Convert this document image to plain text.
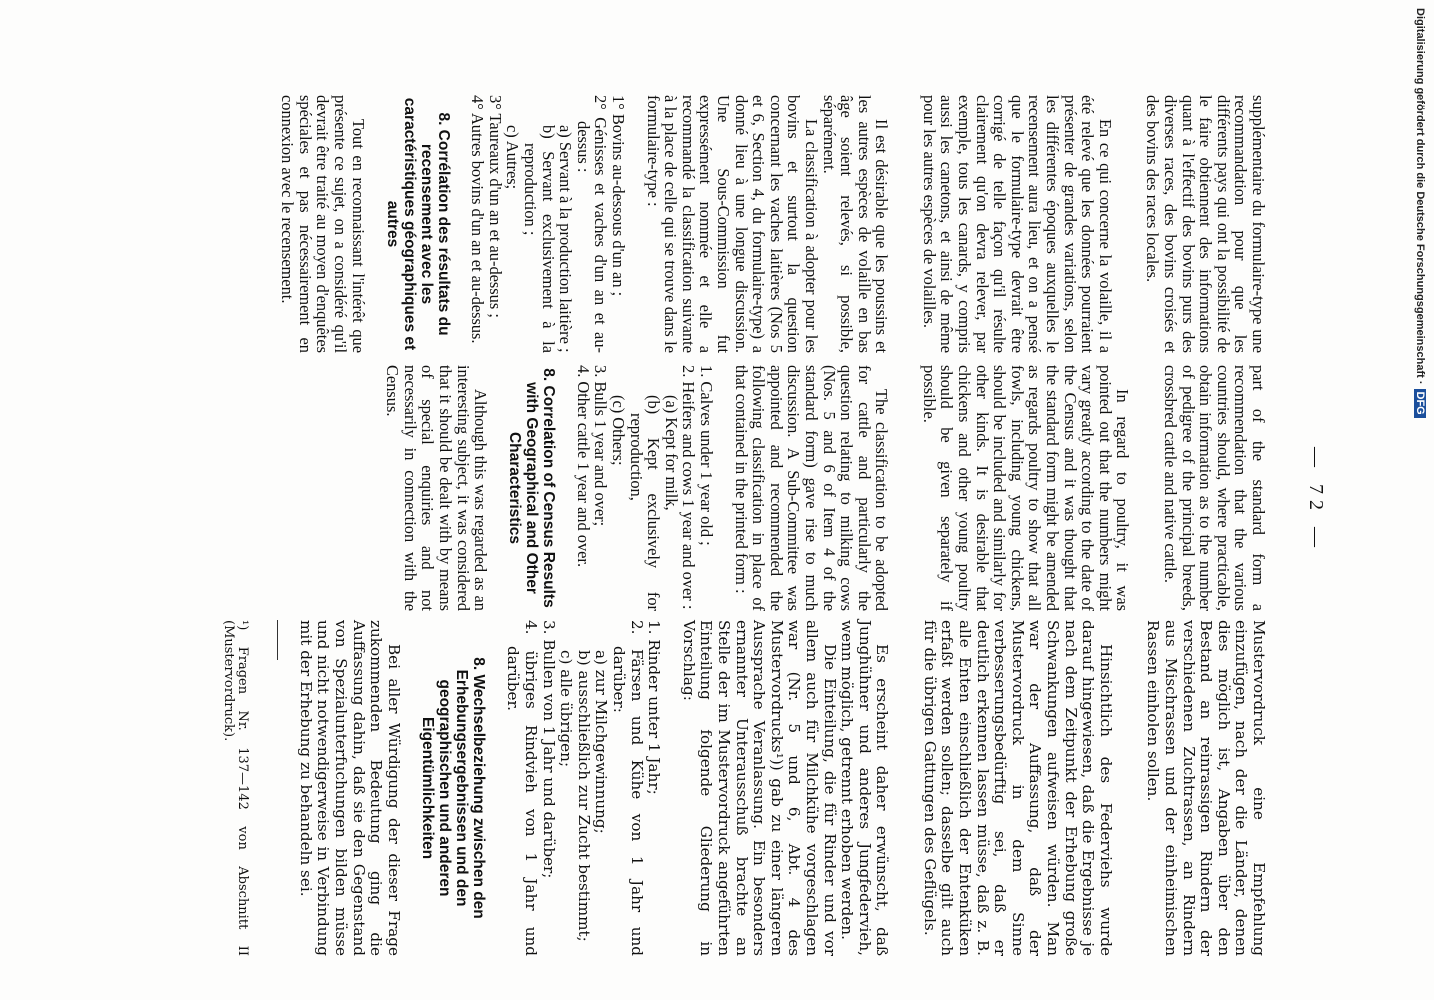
— 72 —

Mustervordruck eine Empfehlung einzufügen, nach der die Länder, denen dies möglich ist, Angaben über den Bestand an reinrassigen Rindern der verschiedenen Zuchtrassen, an Rindern aus Mischrassen und der einheimischen Rassen einholen sollen.

Hinsichtlich des Federviehs wurde darauf hingewiesen, daß die Ergebnisse je nach dem Zeitpunkt der Erhebung große Schwankungen aufweisen würden. Man war der Auffassung, daß der Mustervordruck in dem Sinne verbesserungsbedürftig sei, daß er deutlich erkennen lassen müsse, daß z. B. alle Enten einschließlich der Entenküken erfaßt werden sollen; dasselbe gilt auch für die übrigen Gattungen des Geflügels.

Es erscheint daher erwünscht, daß Junghühner und anderes Jungfedervieh, wenn möglich, getrennt erhoben werden.

Die Einteilung, die für Rinder und vor allem auch für Milchkühe vorgeschlagen war (Nr. 5 und 6, Abt. 4 des Mustervordrucks¹)) gab zu einer längeren Aussprache Veranlassung. Ein besonders ernannter Unterausschuß brachte an Stelle der im Mustervordruck angeführten Einteilung folgende Gliederung in Vorschlag:

1. Rinder unter 1 Jahr;
2. Färsen und Kühe von 1 Jahr und darüber:
a) zur Milchgewinnung;
b) ausschließlich zur Zucht bestimmt;
c) alle übrigen;
3. Bullen von 1 Jahr und darüber;
4. übriges Rindvieh von 1 Jahr und darüber.
8. Wechselbeziehung zwischen den Erhebungsergebnissen und den geographischen und anderen Eigentümlichkeiten

Bei aller Würdigung der dieser Frage zukommenden Bedeutung ging die Auffassung dahin, daß sie den Gegenstand von Spezialunterfuchungen bilden müsse und nicht notwendigerweise in Verbindung mit der Erhebung zu behandeln sei.

¹) Fragen Nr. 137—142 von Abschnitt II (Mustervordruck).

part of the standard form a recommendation that the various countries should, where practicable, obtain information as to the number of pedigree of the principal breeds, crossbred cattle and native cattle.

In regard to poultry, it was pointed out that the numbers might vary greatly according to the date of the Census and it was thought that the standard form might be amended as regards poultry to show that all fowls, including young chickens, should be included and similarly for other kinds. It is desirable that chickens and other young poultry should be given separately if possible.

The classification to be adopted for cattle and particularly the question relating to milking cows (Nos. 5 and 6 of Item 4 of the standard form) gave rise to much discussion. A Sub-Committee was appointed and recommended the following classification in place of that contained in the printed form :

1. Calves under 1 year old ;
2. Heifers and cows 1 year and over :
(a) Kept for milk,
(b) Kept exclusively for reproduction,
(c) Others;
3. Bulls 1 year and over;
4. Other cattle 1 year and over.
8. Correlation of Census Results with Geographical and Other Characteristics

Although this was regarded as an interesting subject, it was considered that it should be dealt with by means of special enquiries and not necessarily in connection with the Census.

supplémentaire du formulaire-type une recommandation pour que les différents pays qui ont la possibilité de le faire obtiennent des informations quant à l'effectif des bovins purs des diverses races, des bovins croisés et des bovins des races locales.

En ce qui concerne la volaille, il a été relevé que les données pourraient présenter de grandes variations, selon les différentes époques auxquelles le recensement aura lieu, et on a pensé que le formulaire-type devrait être corrigé de telle façon qu'il résulte clairement qu'on devra relever, par exemple, tous les canards, y compris aussi les canetons, et ainsi de même pour les autres espèces de volailles.

Il est désirable que les poussins et les autres espèces de volaille en bas âge soient relevés, si possible, séparément.

La classification à adopter pour les bovins et surtout la question concernant les vaches laitières (Nos 5 et 6, Section 4, du formulaire-type) a donné lieu à une longue discussion. Une Sous-Commission fut expressément nommée et elle a recommandé la classification suivante à la place de celle qui se trouve dans le formulaire-type :

1° Bovins au-dessous d'un an ;
2° Génisses et vaches d'un an et au-dessus :
a) Servant à la production laitière ;
b) Servant exclusivement à la reproduction ;
c) Autres;
3° Taureaux d'un an et au-dessus ;
4° Autres bovins d'un an et au-dessus.
8. Corrélation des résultats du recensement avec les caractéristiques géographiques et autres

Tout en reconnaissant l'intérêt que présente ce sujet, on a considéré qu'il devrait être traité au moyen d'enquêtes spéciales et pas nécessairement en connexion avec le recensement.	Digitalisierung gefördert durch die Deutsche Forschungsgemeinschaft ·DFG
